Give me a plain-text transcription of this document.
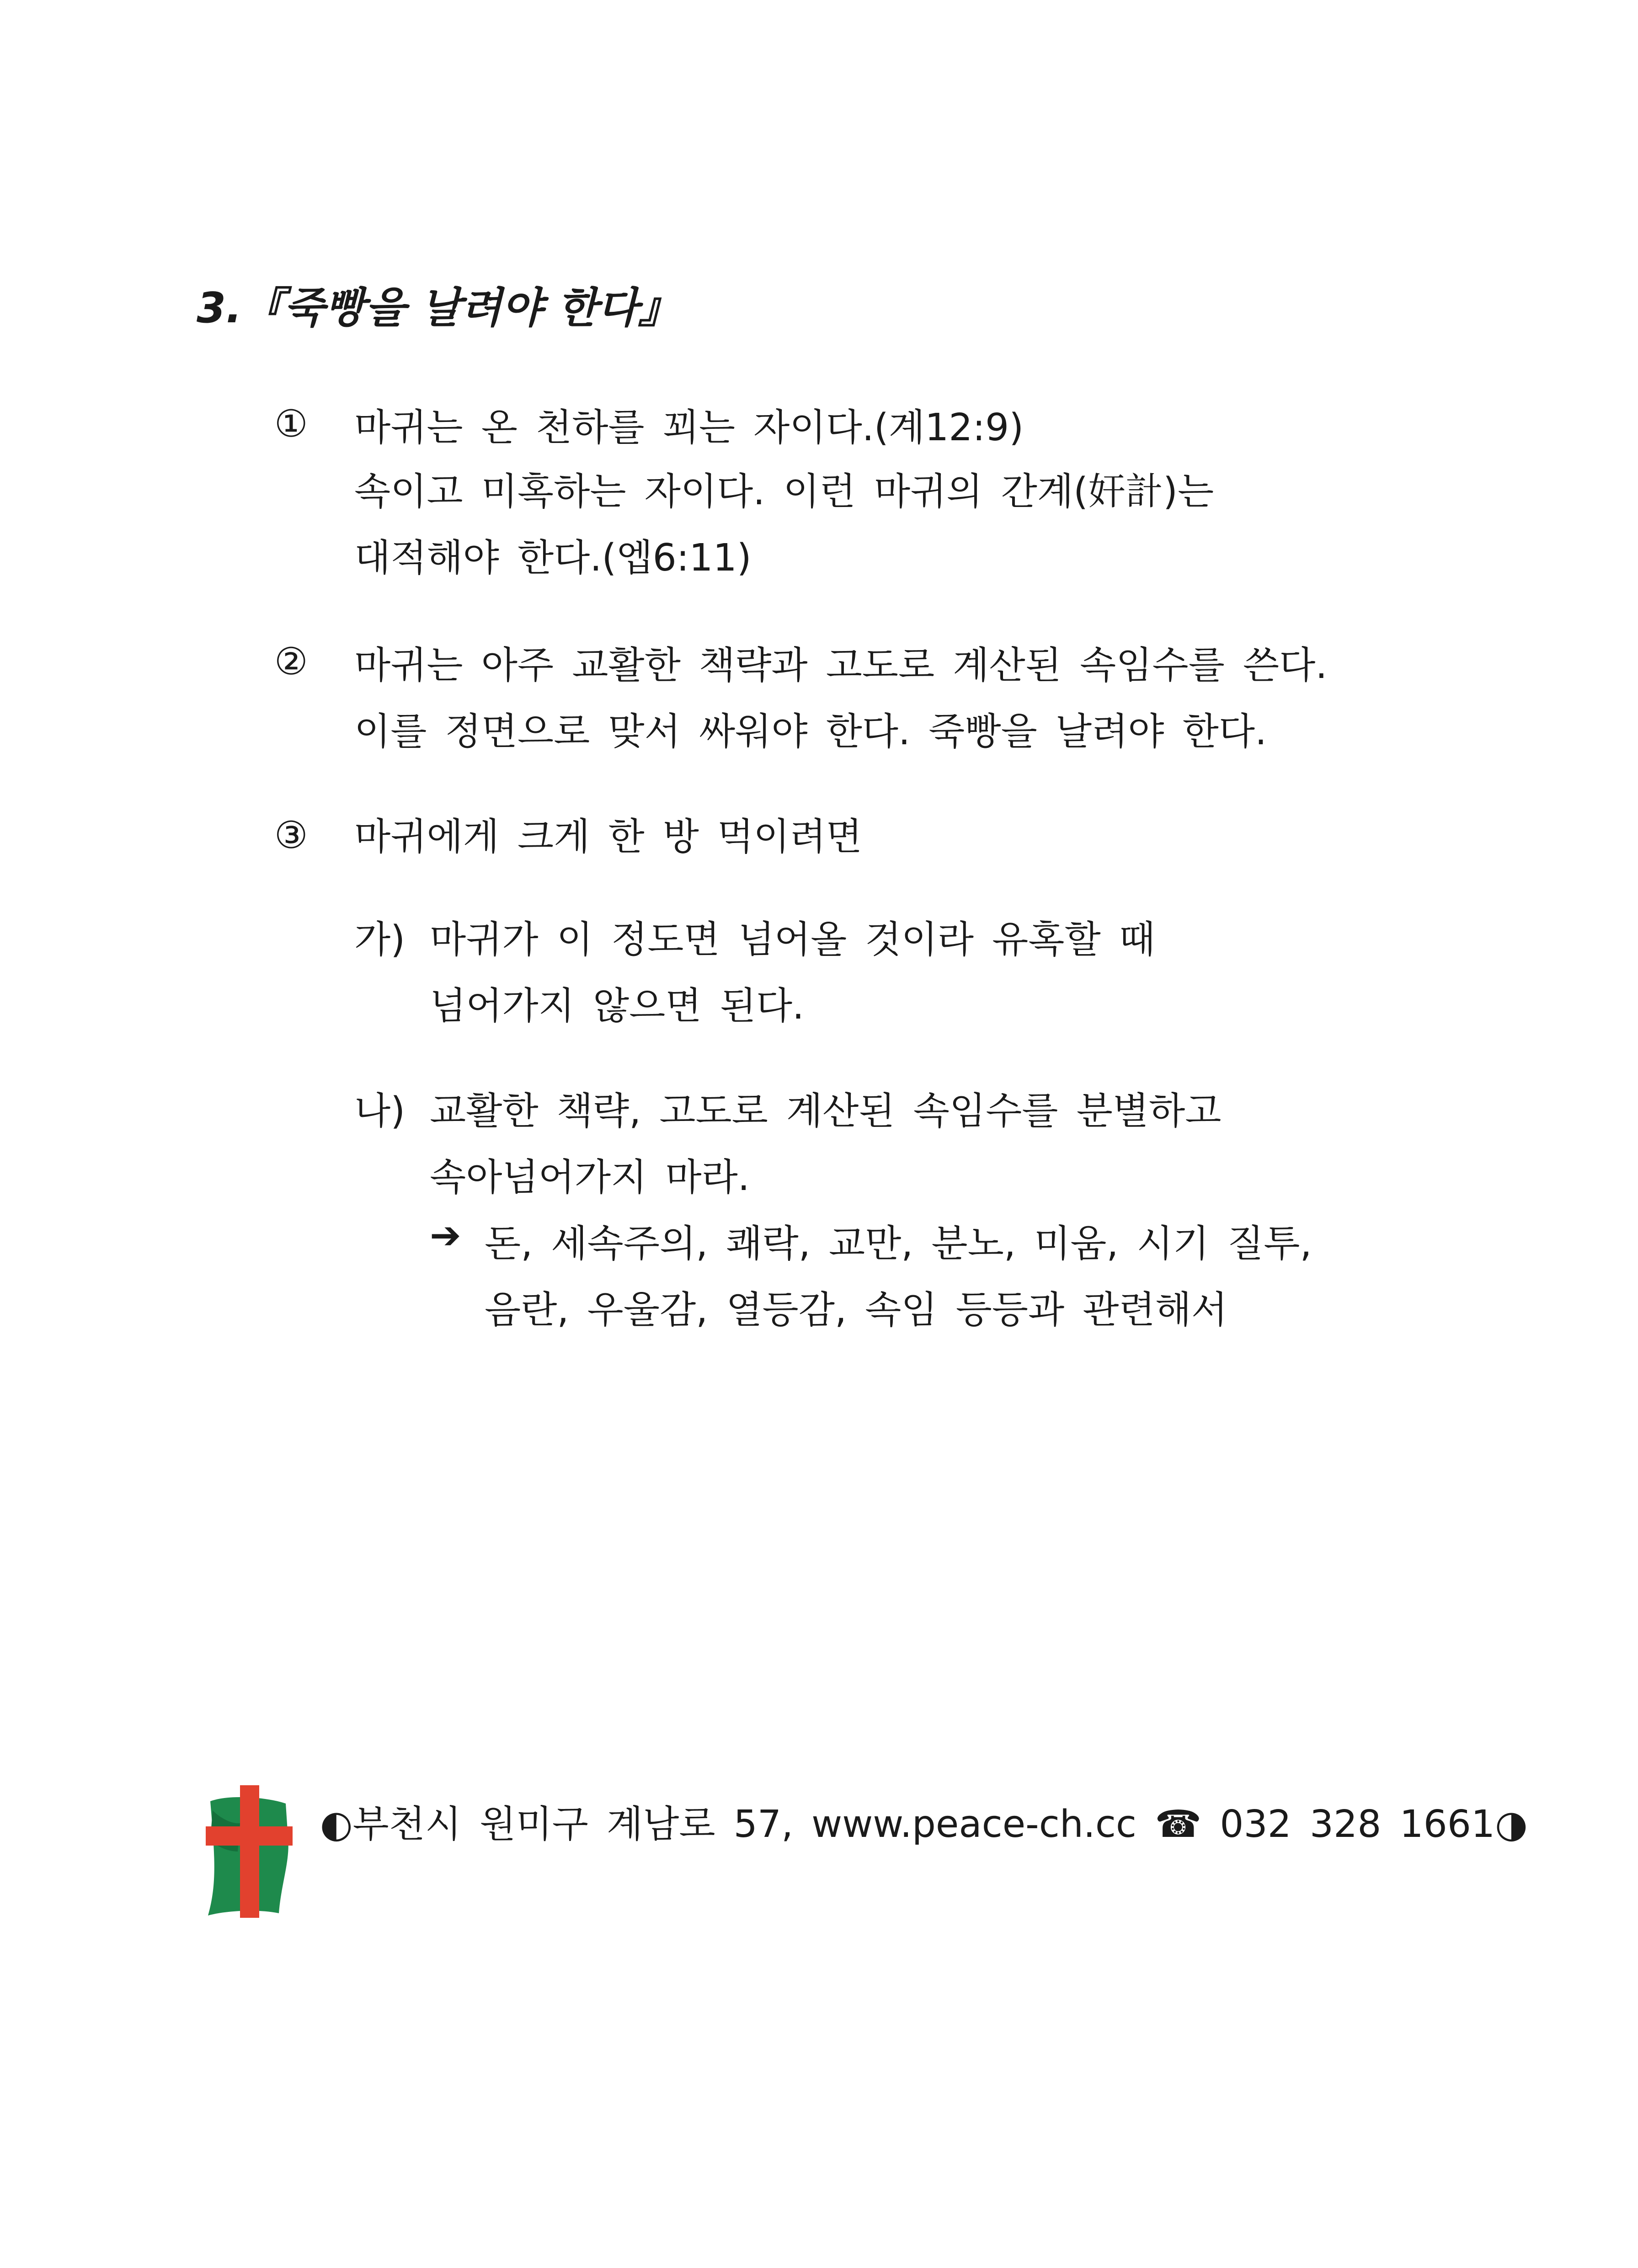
3.『죽빵을 날려야 한다』
① 마귀는 온 천하를 꾀는 자이다.(계12:9)
속이고 미혹하는 자이다. 이런 마귀의 간계(奸計)는
대적해야 한다.(엡6:11)
② 마귀는 아주 교활한 책략과 고도로 계산된 속임수를 쓴다.
이를 정면으로 맞서 싸워야 한다. 죽빵을 날려야 한다.
③ 마귀에게 크게 한 방 먹이려면
가) 마귀가 이 정도면 넘어올 것이라 유혹할 때
넘어가지 않으면 된다.
나) 교활한 책략, 고도로 계산된 속임수를 분별하고
속아넘어가지 마라.
➔ 돈, 세속주의, 쾌락, 교만, 분노, 미움, 시기 질투,
음란, 우울감, 열등감, 속임 등등과 관련해서
◐부천시 원미구 계남로 57, www.peace-ch.cc ☎ 032 328 1661◑
